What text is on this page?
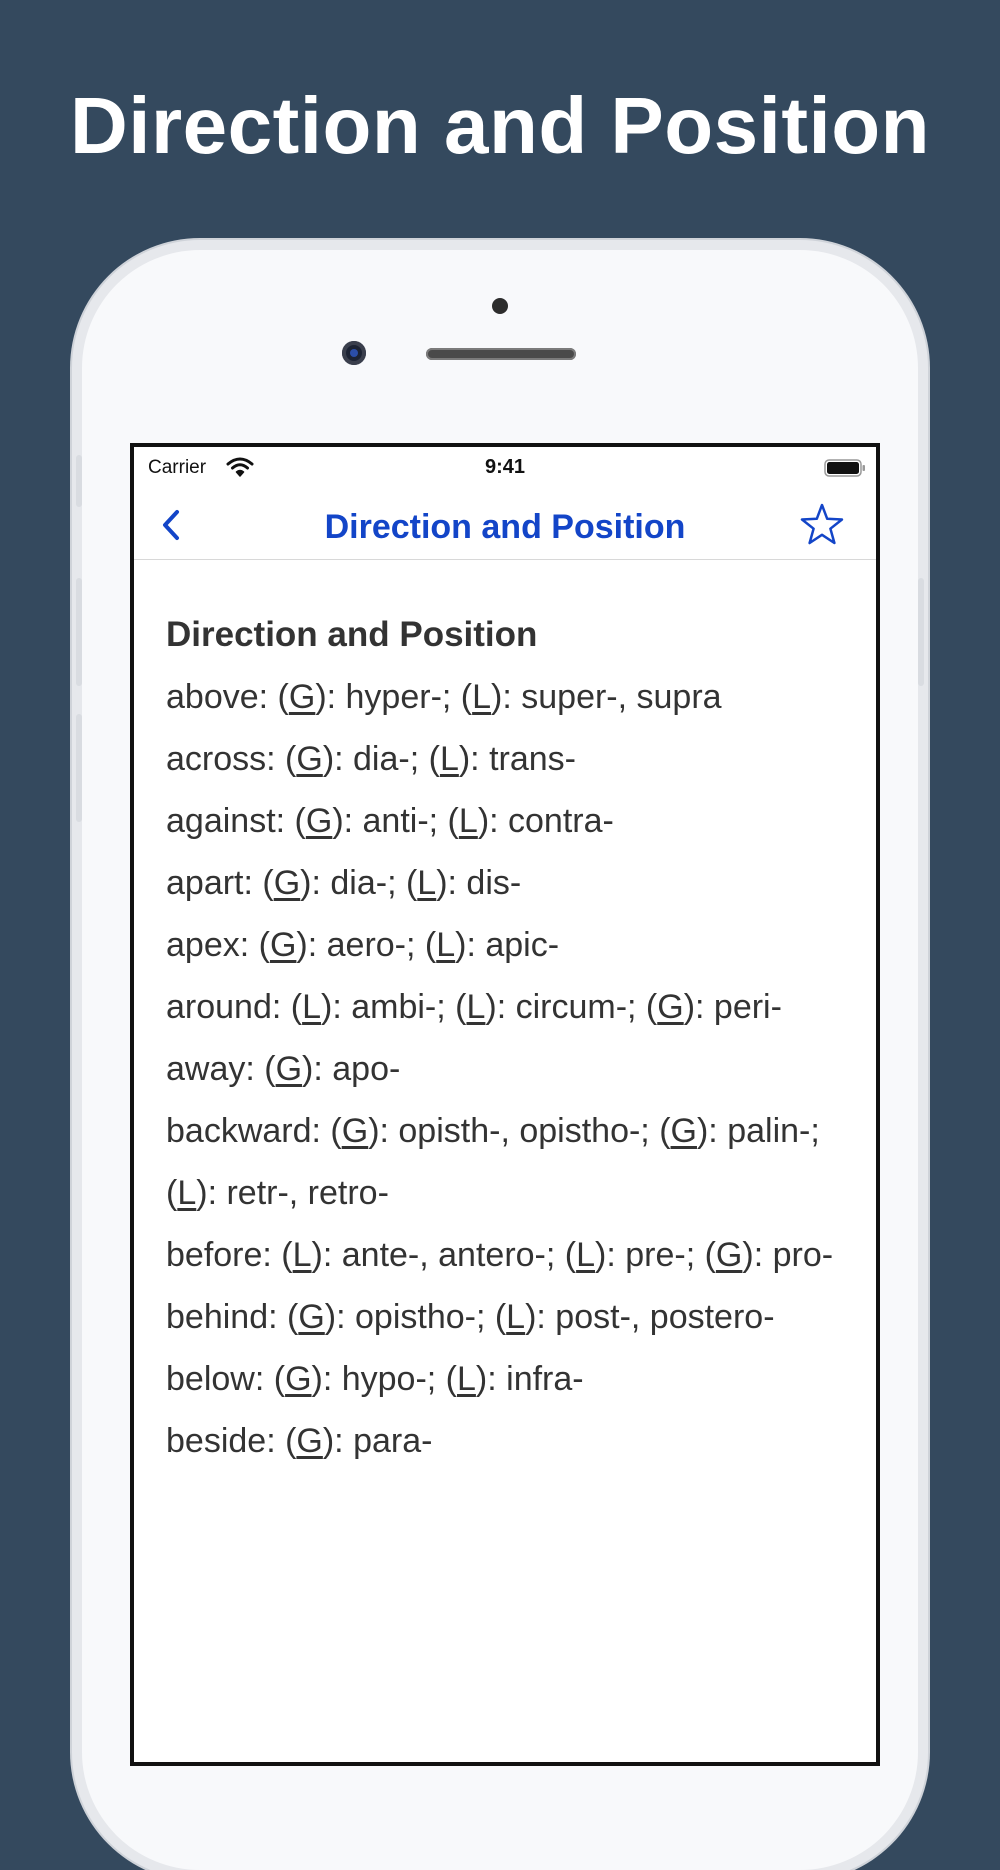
Direction and Position
Carrier	9:41
Direction and Position
Direction and Position
above: (G): hyper-; (L): super-, supra
across: (G): dia-; (L): trans-
against: (G): anti-; (L): contra-
apart: (G): dia-; (L): dis-
apex: (G): aero-; (L): apic-
around: (L): ambi-; (L): circum-; (G): peri-
away: (G): apo-
backward: (G): opisth-, opistho-; (G): palin-; (L): retr-, retro-
before: (L): ante-, antero-; (L): pre-; (G): pro-
behind: (G): opistho-; (L): post-, postero-
below: (G): hypo-; (L): infra-
beside: (G): para-
